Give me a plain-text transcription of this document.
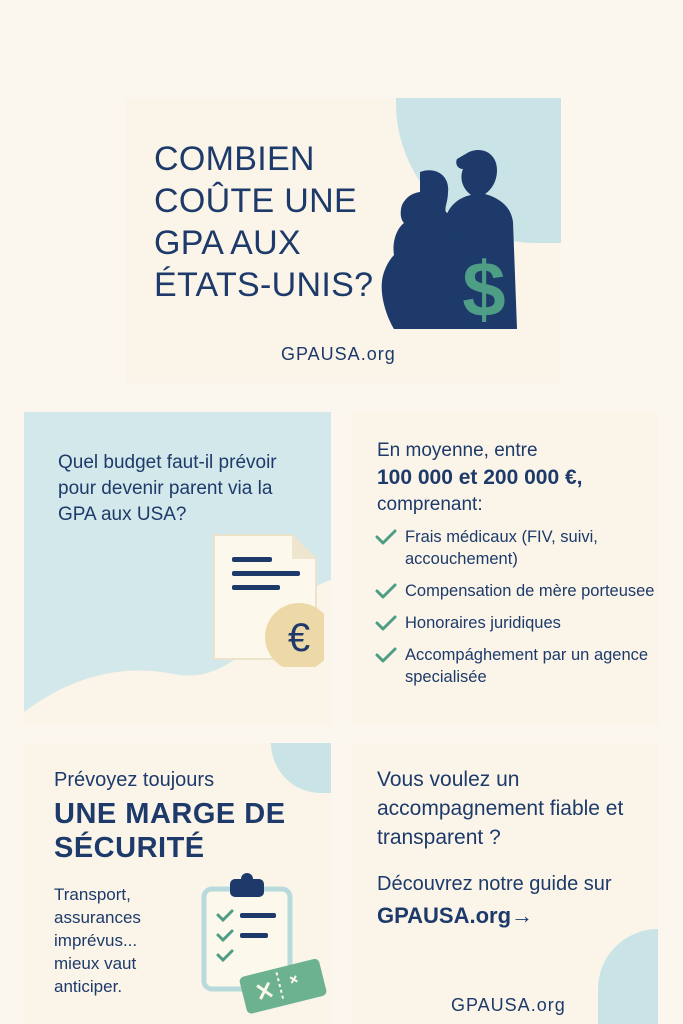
COMBIEN COÛTE UNE GPA AUX ÉTATS-UNIS?	$
GPAUSA.org

Quel budget faut-il prévoir pour devenir parent via la GPA aux USA?

€
En moyenne, entre
100 000 et 200 000 €,
comprenant:
Frais médicaux (FIV, suivi, accouchement)
Compensation de mère porteusee
Honoraires juridiques
Accompághement par un agence specialisée
Prévoyez toujours
UNE MARGE DE SÉCURITÉ

Transport, assurances imprévus... mieux vaut anticiper.

Vous voulez un accompagnement fiable et transparent ?

Découvrez notre guide sur
GPAUSA.org→
GPAUSA.org
